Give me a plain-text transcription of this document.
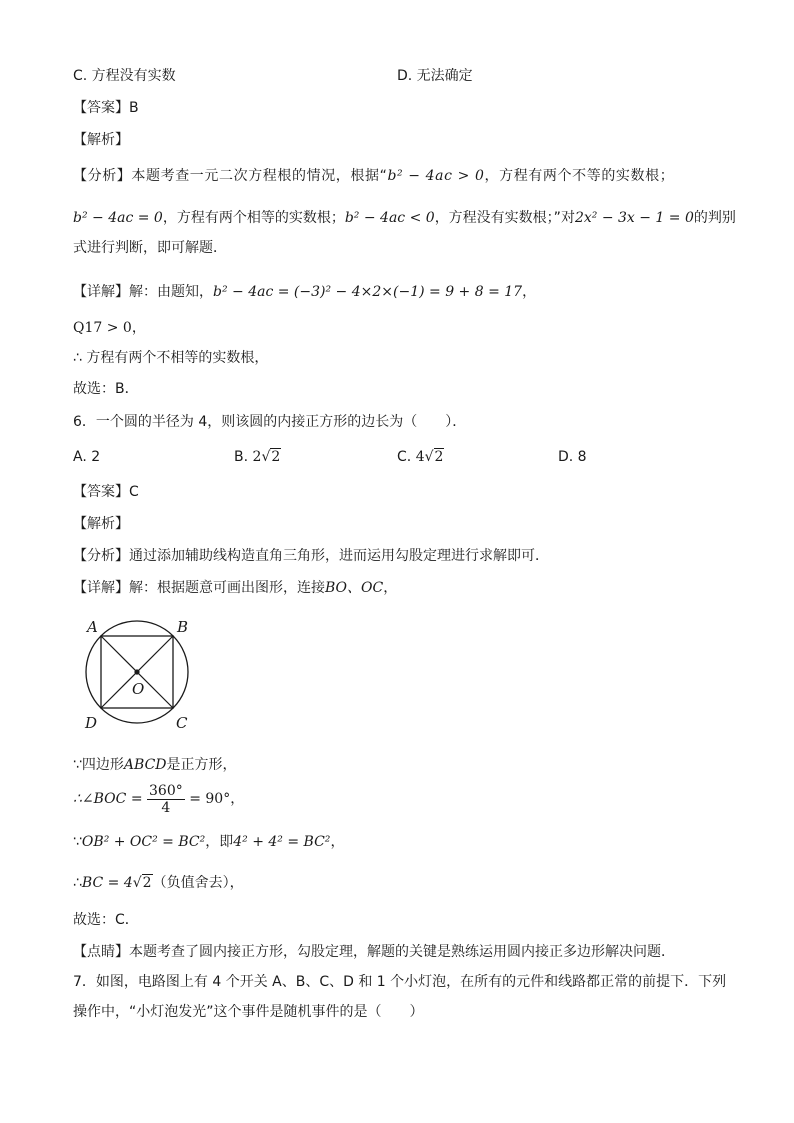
C. 方程没有实数	D. 无法确定
【答案】B
【解析】
【分析】本题考查一元二次方程根的情况，根据“b² − 4ac > 0，方程有两个不等的实数根；
b² − 4ac = 0，方程有两个相等的实数根；b² − 4ac < 0，方程没有实数根；”对2x² − 3x − 1 = 0的判别
式进行判断，即可解题．
【详解】解：由题知，b² − 4ac = (−3)² − 4×2×(−1) = 9 + 8 = 17，
Q17 > 0，
∴ 方程有两个不相等的实数根，
故选：B．
6．一个圆的半径为 4，则该圆的内接正方形的边长为（　　）．
A. 2	B. 2√2	C. 4√2	D. 8
【答案】C
【解析】
【分析】通过添加辅助线构造直角三角形，进而运用勾股定理进行求解即可．
【详解】解：根据题意可画出图形，连接BO、OC，
A	B
C
D
O
∵四边形ABCD是正方形，
∴∠BOC = $\frac{360^\circ}{4} = 90^\circ$，
∵OB² + OC² = BC²，即4² + 4² = BC²，
∴BC = 4√2（负值舍去），
故选：C．
【点睛】本题考查了圆内接正方形，勾股定理，解题的关键是熟练运用圆内接正多边形解决问题．
7．如图，电路图上有 4 个开关 A、B、C、D 和 1 个小灯泡，在所有的元件和线路都正常的前提下．下列
操作中，“小灯泡发光”这个事件是随机事件的是（　　）
